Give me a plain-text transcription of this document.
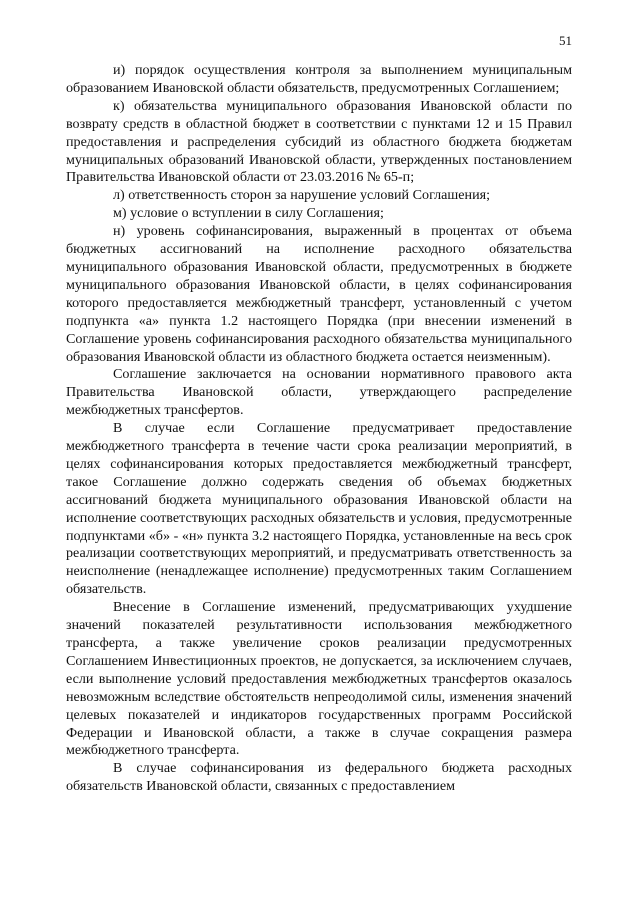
51

и) порядок осуществления контроля за выполнением муниципальным образованием Ивановской области обязательств, предусмотренных Соглашением;

к) обязательства муниципального образования Ивановской области по возврату средств в областной бюджет в соответствии с пунктами 12 и 15 Правил предоставления и распределения субсидий из областного бюджета бюджетам муниципальных образований Ивановской области, утвержденных постановлением Правительства Ивановской области от 23.03.2016 № 65-п;

л) ответственность сторон за нарушение условий Соглашения;

м) условие о вступлении в силу Соглашения;

н) уровень софинансирования, выраженный в процентах от объема бюджетных ассигнований на исполнение расходного обязательства муниципального образования Ивановской области, предусмотренных в бюджете муниципального образования Ивановской области, в целях софинансирования которого предоставляется межбюджетный трансферт, установленный с учетом подпункта «а» пункта 1.2 настоящего Порядка (при внесении изменений в Соглашение уровень софинансирования расходного обязательства муниципального образования Ивановской области из областного бюджета остается неизменным).

Соглашение заключается на основании нормативного правового акта Правительства Ивановской области, утверждающего распределение межбюджетных трансфертов.

В случае если Соглашение предусматривает предоставление межбюджетного трансферта в течение части срока реализации мероприятий, в целях софинансирования которых предоставляется межбюджетный трансферт, такое Соглашение должно содержать сведения об объемах бюджетных ассигнований бюджета муниципального образования Ивановской области на исполнение соответствующих расходных обязательств и условия, предусмотренные подпунктами «б» - «н» пункта 3.2 настоящего Порядка, установленные на весь срок реализации соответствующих мероприятий, и предусматривать ответственность за неисполнение (ненадлежащее исполнение) предусмотренных таким Соглашением обязательств.

Внесение в Соглашение изменений, предусматривающих ухудшение значений показателей результативности использования межбюджетного трансферта, а также увеличение сроков реализации предусмотренных Соглашением Инвестиционных проектов, не допускается, за исключением случаев, если выполнение условий предоставления межбюджетных трансфертов оказалось невозможным вследствие обстоятельств непреодолимой силы, изменения значений целевых показателей и индикаторов государственных программ Российской Федерации и Ивановской области, а также в случае сокращения размера межбюджетного трансферта.

В случае софинансирования из федерального бюджета расходных обязательств Ивановской области, связанных с предоставлением
